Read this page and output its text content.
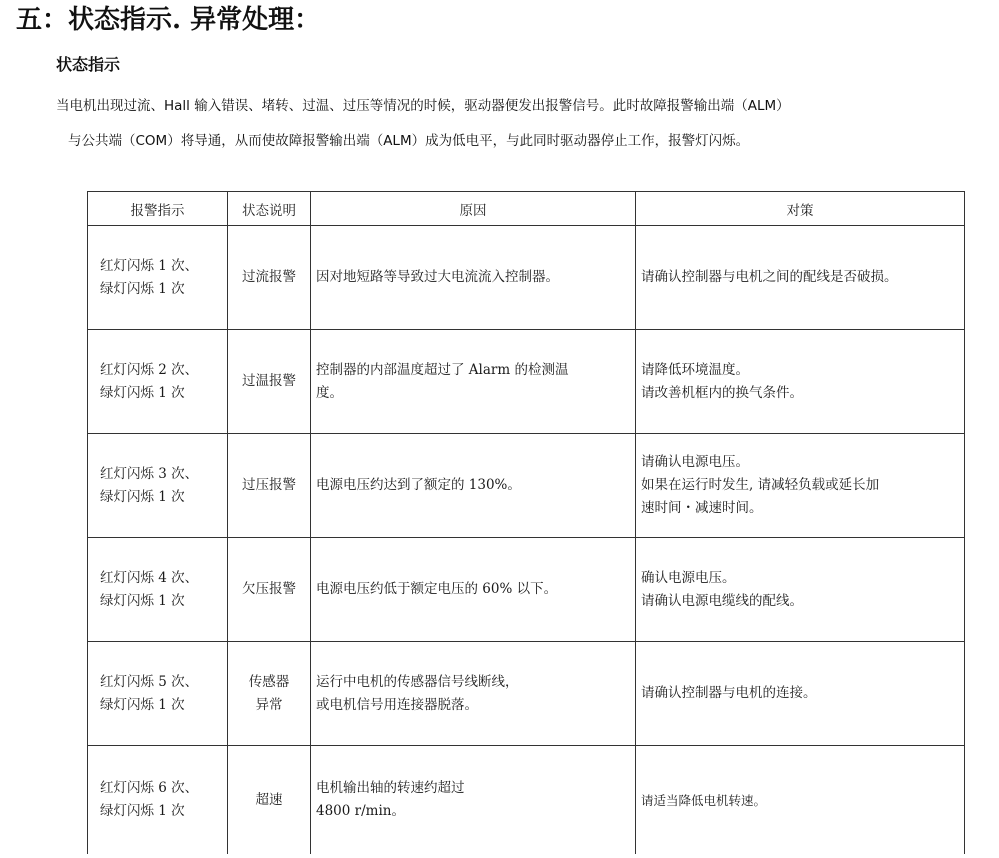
五：状态指示. 异常处理：
状态指示
当电机出现过流、Hall 输入错误、堵转、过温、过压等情况的时候，驱动器便发出报警信号。此时故障报警输出端（ALM）
与公共端（COM）将导通，从而使故障报警输出端（ALM）成为低电平，与此同时驱动器停止工作，报警灯闪烁。
报警指示	状态说明	原因	对策

红灯闪烁 1 次、
绿灯闪烁 1 次	过流报警	因对地短路等导致过大电流流入控制器。	请确认控制器与电机之间的配线是否破损。

红灯闪烁 2 次、
绿灯闪烁 1 次	过温报警	控制器的内部温度超过了 Alarm 的检测温
度。	请降低环境温度。
请改善机框内的换气条件。

红灯闪烁 3 次、
绿灯闪烁 1 次	过压报警	电源电压约达到了额定的 130%。	请确认电源电压。
如果在运行时发生, 请减轻负载或延长加
速时间・减速时间。

红灯闪烁 4 次、
绿灯闪烁 1 次	欠压报警	电源电压约低于额定电压的 60% 以下。	确认电源电压。
请确认电源电缆线的配线。

红灯闪烁 5 次、
绿灯闪烁 1 次	传感器
异常	运行中电机的传感器信号线断线，
或电机信号用连接器脱落。	请确认控制器与电机的连接。

红灯闪烁 6 次、
绿灯闪烁 1 次	超速	电机输出轴的转速约超过
4800 r/min。	请适当降低电机转速。
